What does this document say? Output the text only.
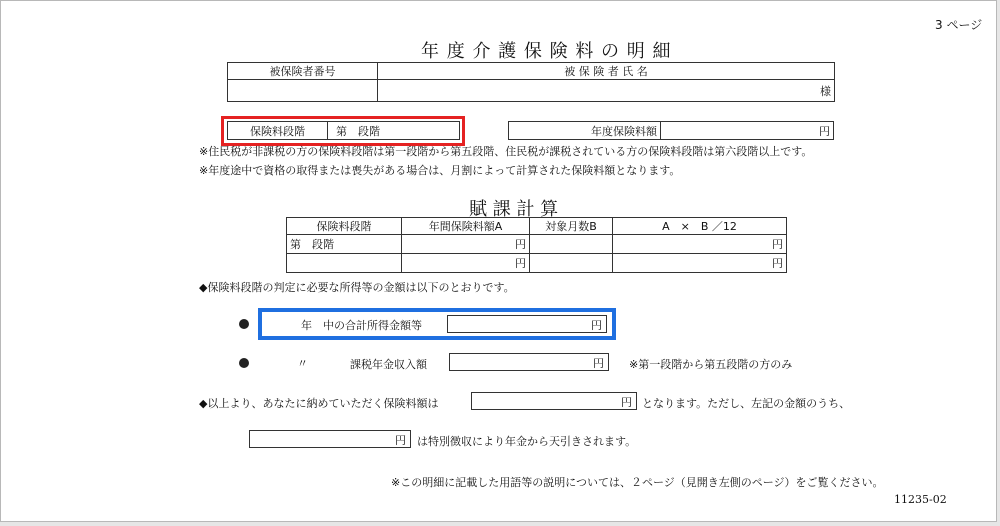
3 ページ
年 度 介 護 保 険 料 の 明 細
被保険者番号	被 保 険 者 氏 名
	様
保険料段階	第　段階	年度保険料額	円
※住民税が非課税の方の保険料段階は第一段階から第五段階、住民税が課税されている方の保険料段階は第六段階以上です。
※年度途中で資格の取得または喪失がある場合は、月割によって計算された保険料額となります。
賦 課 計 算
保険料段階	年間保険料額A	対象月数B	A　×　B ／12
第　段階	円		円
	円		円
◆保険料段階の判定に必要な所得等の金額は以下のとおりです。
年　中の合計所得金額等	円
〃	課税年金収入額	円 ※第一段階から第五段階の方のみ
◆以上より、あなたに納めていただく保険料額は	円 となります。ただし、左記の金額のうち、
円 は特別徴収により年金から天引きされます。
※この明細に記載した用語等の説明については、２ページ（見開き左側のページ）をご覧ください。
11235-02
